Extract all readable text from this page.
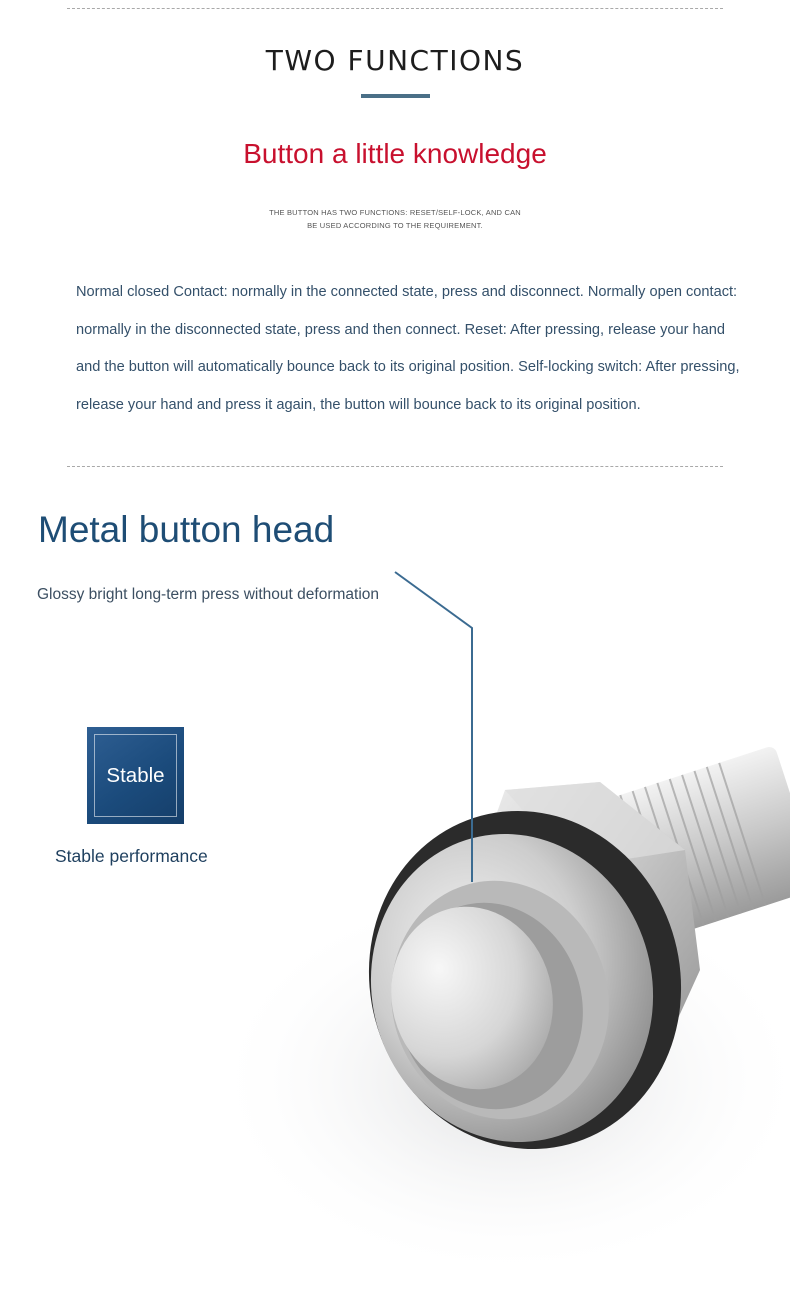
TWO FUNCTIONS
Button a little knowledge
THE BUTTON HAS TWO FUNCTIONS: RESET/SELF-LOCK, AND CAN
BE USED ACCORDING TO THE REQUIREMENT.
Normal closed Contact: normally in the connected state, press and disconnect. Normally open contact:
normally in the disconnected state, press and then connect. Reset: After pressing, release your hand
and the button will automatically bounce back to its original position. Self-locking switch: After pressing,
release your hand and press it again, the button will bounce back to its original position.
Metal button head
Glossy bright long-term press without deformation
Stable
Stable performance
